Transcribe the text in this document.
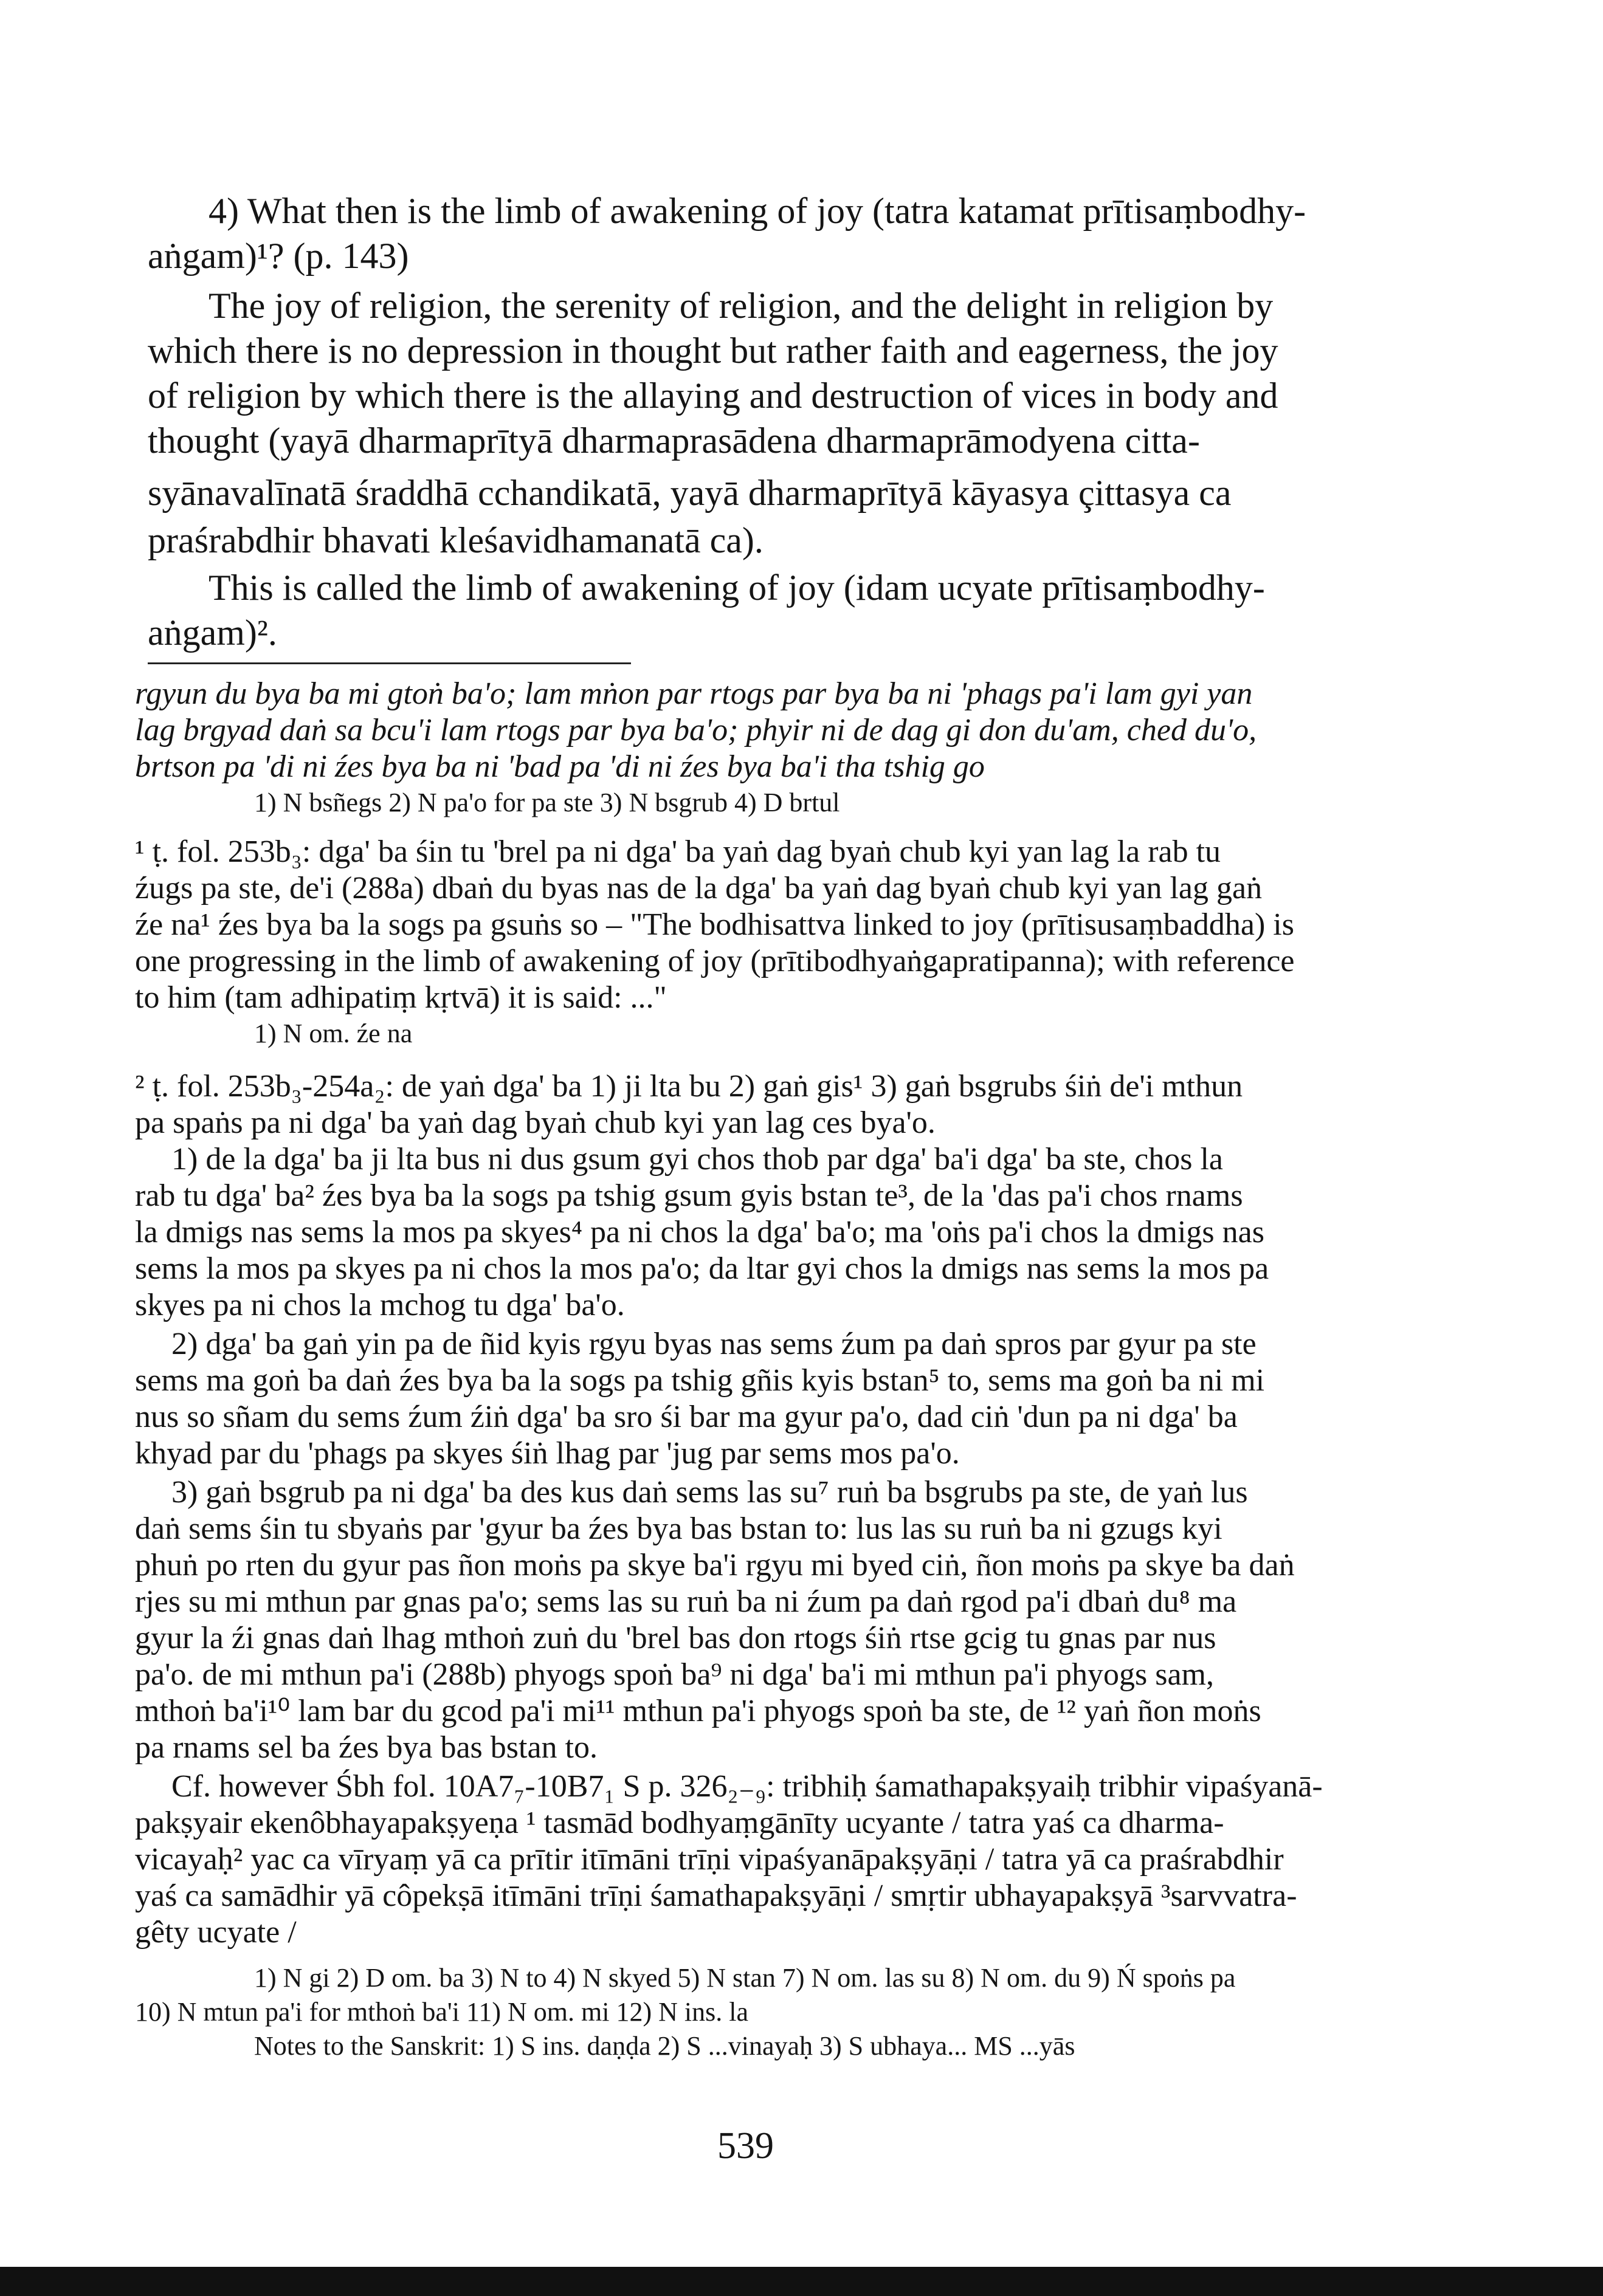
4) What then is the limb of awakening of joy (tatra katamat prītisaṃbodhy-
aṅgam)¹? (p. 143)
The joy of religion, the serenity of religion, and the delight in religion by
which there is no depression in thought but rather faith and eagerness, the joy
of religion by which there is the allaying and destruction of vices in body and
thought (yayā dharmaprītyā dharmaprasādena dharmaprāmodyena citta-
syānavalīnatā śraddhā cchandikatā, yayā dharmaprītyā kāyasya çittasya ca
praśrabdhir bhavati kleśavidhamanatā ca).
This is called the limb of awakening of joy (idam ucyate prītisaṃbodhy-
aṅgam)².
rgyun du bya ba mi gtoṅ ba'o; lam mṅon par rtogs par bya ba ni 'phags pa'i lam gyi yan
lag brgyad daṅ sa bcu'i lam rtogs par bya ba'o; phyir ni de dag gi don du'am, ched du'o,
brtson pa 'di ni źes bya ba ni 'bad pa 'di ni źes bya ba'i tha tshig go
1) N bsñegs 2) N pa'o for pa ste 3) N bsgrub 4) D brtul
¹ ṭ. fol. 253b₃: dga' ba śin tu 'brel pa ni dga' ba yaṅ dag byaṅ chub kyi yan lag la rab tu
źugs pa ste, de'i (288a) dbaṅ du byas nas de la dga' ba yaṅ dag byaṅ chub kyi yan lag gaṅ
źe na¹ źes bya ba la sogs pa gsuṅs so – "The bodhisattva linked to joy (prītisusaṃbaddha) is
one progressing in the limb of awakening of joy (prītibodhyaṅgapratipanna); with reference
to him (tam adhipatiṃ kṛtvā) it is said: ..."
1) N om. źe na
² ṭ. fol. 253b₃-254a₂: de yaṅ dga' ba 1) ji lta bu 2) gaṅ gis¹ 3) gaṅ bsgrubs śiṅ de'i mthun
pa spaṅs pa ni dga' ba yaṅ dag byaṅ chub kyi yan lag ces bya'o.
1) de la dga' ba ji lta bus ni dus gsum gyi chos thob par dga' ba'i dga' ba ste, chos la
rab tu dga' ba² źes bya ba la sogs pa tshig gsum gyis bstan te³, de la 'das pa'i chos rnams
la dmigs nas sems la mos pa skyes⁴ pa ni chos la dga' ba'o; ma 'oṅs pa'i chos la dmigs nas
sems la mos pa skyes pa ni chos la mos pa'o; da ltar gyi chos la dmigs nas sems la mos pa
skyes pa ni chos la mchog tu dga' ba'o.
2) dga' ba gaṅ yin pa de ñid kyis rgyu byas nas sems źum pa daṅ spros par gyur pa ste
sems ma goṅ ba daṅ źes bya ba la sogs pa tshig gñis kyis bstan⁵ to, sems ma goṅ ba ni mi
nus so sñam du sems źum źiṅ dga' ba sro śi bar ma gyur pa'o, dad ciṅ 'dun pa ni dga' ba
khyad par du 'phags pa skyes śiṅ lhag par 'jug par sems mos pa'o.
3) gaṅ bsgrub pa ni dga' ba des kus daṅ sems las su⁷ ruṅ ba bsgrubs pa ste, de yaṅ lus
daṅ sems śin tu sbyaṅs par 'gyur ba źes bya bas bstan to: lus las su ruṅ ba ni gzugs kyi
phuṅ po rten du gyur pas ñon moṅs pa skye ba'i rgyu mi byed ciṅ, ñon moṅs pa skye ba daṅ
rjes su mi mthun par gnas pa'o; sems las su ruṅ ba ni źum pa daṅ rgod pa'i dbaṅ du⁸ ma
gyur la źi gnas daṅ lhag mthoṅ zuṅ du 'brel bas don rtogs śiṅ rtse gcig tu gnas par nus
pa'o. de mi mthun pa'i (288b) phyogs spoṅ ba⁹ ni dga' ba'i mi mthun pa'i phyogs sam,
mthoṅ ba'i¹⁰ lam bar du gcod pa'i mi¹¹ mthun pa'i phyogs spoṅ ba ste, de ¹² yaṅ ñon moṅs
pa rnams sel ba źes bya bas bstan to.
Cf. however Śbh fol. 10A7₇-10B7₁ S p. 326₂₋₉: tribhiḥ śamathapakṣyaiḥ tribhir vipaśyanā-
pakṣyair ekenôbhayapakṣyeṇa ¹ tasmād bodhyaṃgānīty ucyante / tatra yaś ca dharma-
vicayaḥ² yac ca vīryaṃ yā ca prītir itīmāni trīṇi vipaśyanāpakṣyāṇi / tatra yā ca praśrabdhir
yaś ca samādhir yā côpekṣā itīmāni trīṇi śamathapakṣyāṇi / smṛtir ubhayapakṣyā ³sarvvatra-
gêty ucyate /
1) N gi 2) D om. ba 3) N to 4) N skyed 5) N stan 7) N om. las su 8) N om. du 9) Ń spoṅs pa
10) N mtun pa'i for mthoṅ ba'i 11) N om. mi 12) N ins. la
Notes to the Sanskrit: 1) S ins. daṇḍa 2) S ...vinayaḥ 3) S ubhaya... MS ...yās
539
